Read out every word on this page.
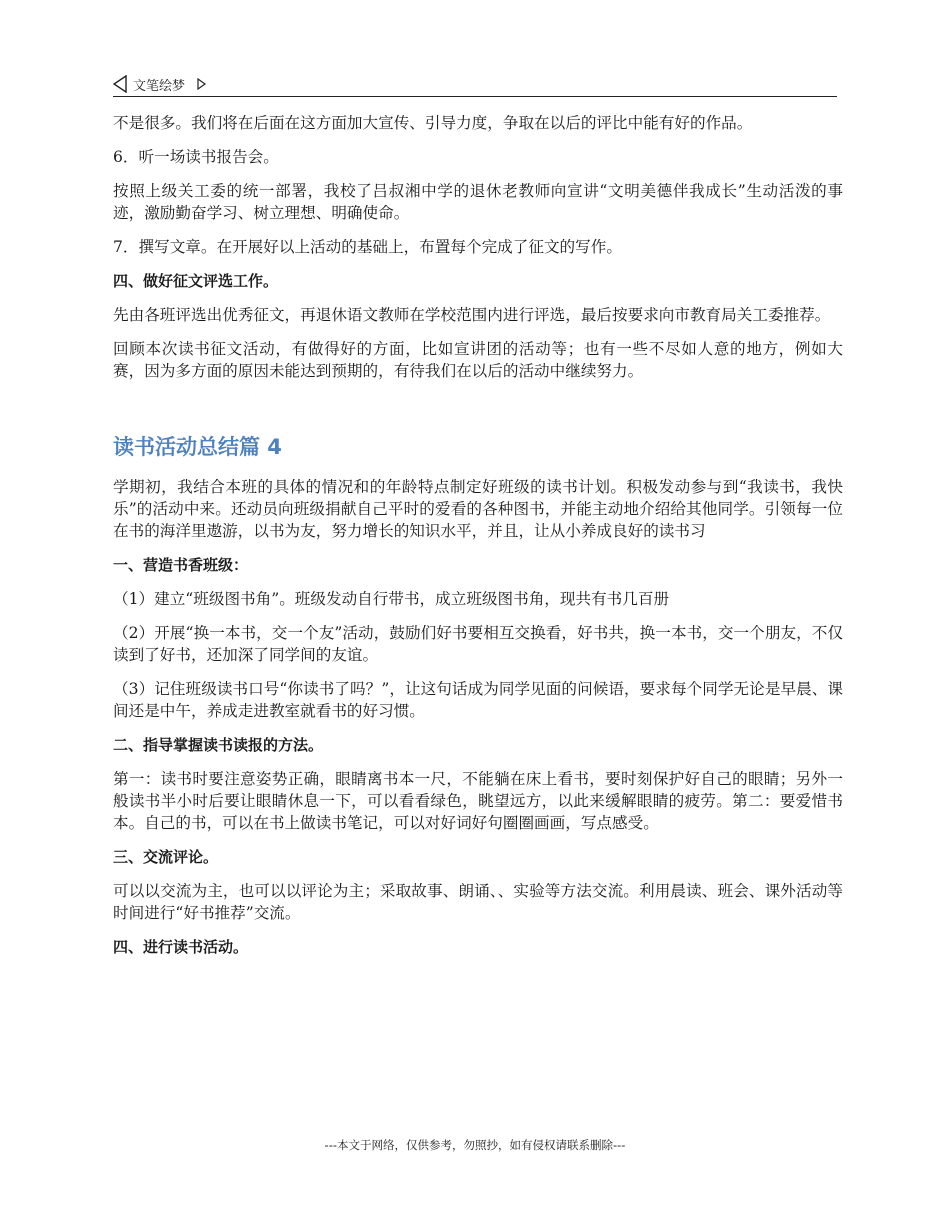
文笔绘梦

不是很多。我们将在后面在这方面加大宣传、引导力度，争取在以后的评比中能有好的作品。

6．听一场读书报告会。

按照上级关工委的统一部署，我校了吕叔湘中学的退休老教师向宣讲“文明美德伴我成长”生动活泼的事迹，激励勤奋学习、树立理想、明确使命。

7．撰写文章。在开展好以上活动的基础上，布置每个完成了征文的写作。

四、做好征文评选工作。

先由各班评选出优秀征文，再退休语文教师在学校范围内进行评选，最后按要求向市教育局关工委推荐。

回顾本次读书征文活动，有做得好的方面，比如宣讲团的活动等；也有一些不尽如人意的地方，例如大赛，因为多方面的原因未能达到预期的，有待我们在以后的活动中继续努力。

读书活动总结篇 4

学期初，我结合本班的具体的情况和的年龄特点制定好班级的读书计划。积极发动参与到“我读书，我快乐”的活动中来。还动员向班级捐献自己平时的爱看的各种图书，并能主动地介绍给其他同学。引领每一位在书的海洋里遨游，以书为友，努力增长的知识水平，并且，让从小养成良好的读书习

一、营造书香班级：

（1）建立“班级图书角”。班级发动自行带书，成立班级图书角，现共有书几百册

（2）开展“换一本书，交一个友”活动，鼓励们好书要相互交换看，好书共，换一本书，交一个朋友，不仅读到了好书，还加深了同学间的友谊。

（3）记住班级读书口号“你读书了吗？”，让这句话成为同学见面的问候语，要求每个同学无论是早晨、课间还是中午，养成走进教室就看书的好习惯。

二、指导掌握读书读报的方法。

第一：读书时要注意姿势正确，眼睛离书本一尺，不能躺在床上看书，要时刻保护好自己的眼睛；另外一般读书半小时后要让眼睛休息一下，可以看看绿色，眺望远方，以此来缓解眼睛的疲劳。第二：要爱惜书本。自己的书，可以在书上做读书笔记，可以对好词好句圈圈画画，写点感受。

三、交流评论。

可以以交流为主，也可以以评论为主；采取故事、朗诵、、实验等方法交流。利用晨读、班会、课外活动等时间进行“好书推荐”交流。

四、进行读书活动。

---本文于网络，仅供参考，勿照抄，如有侵权请联系删除---
